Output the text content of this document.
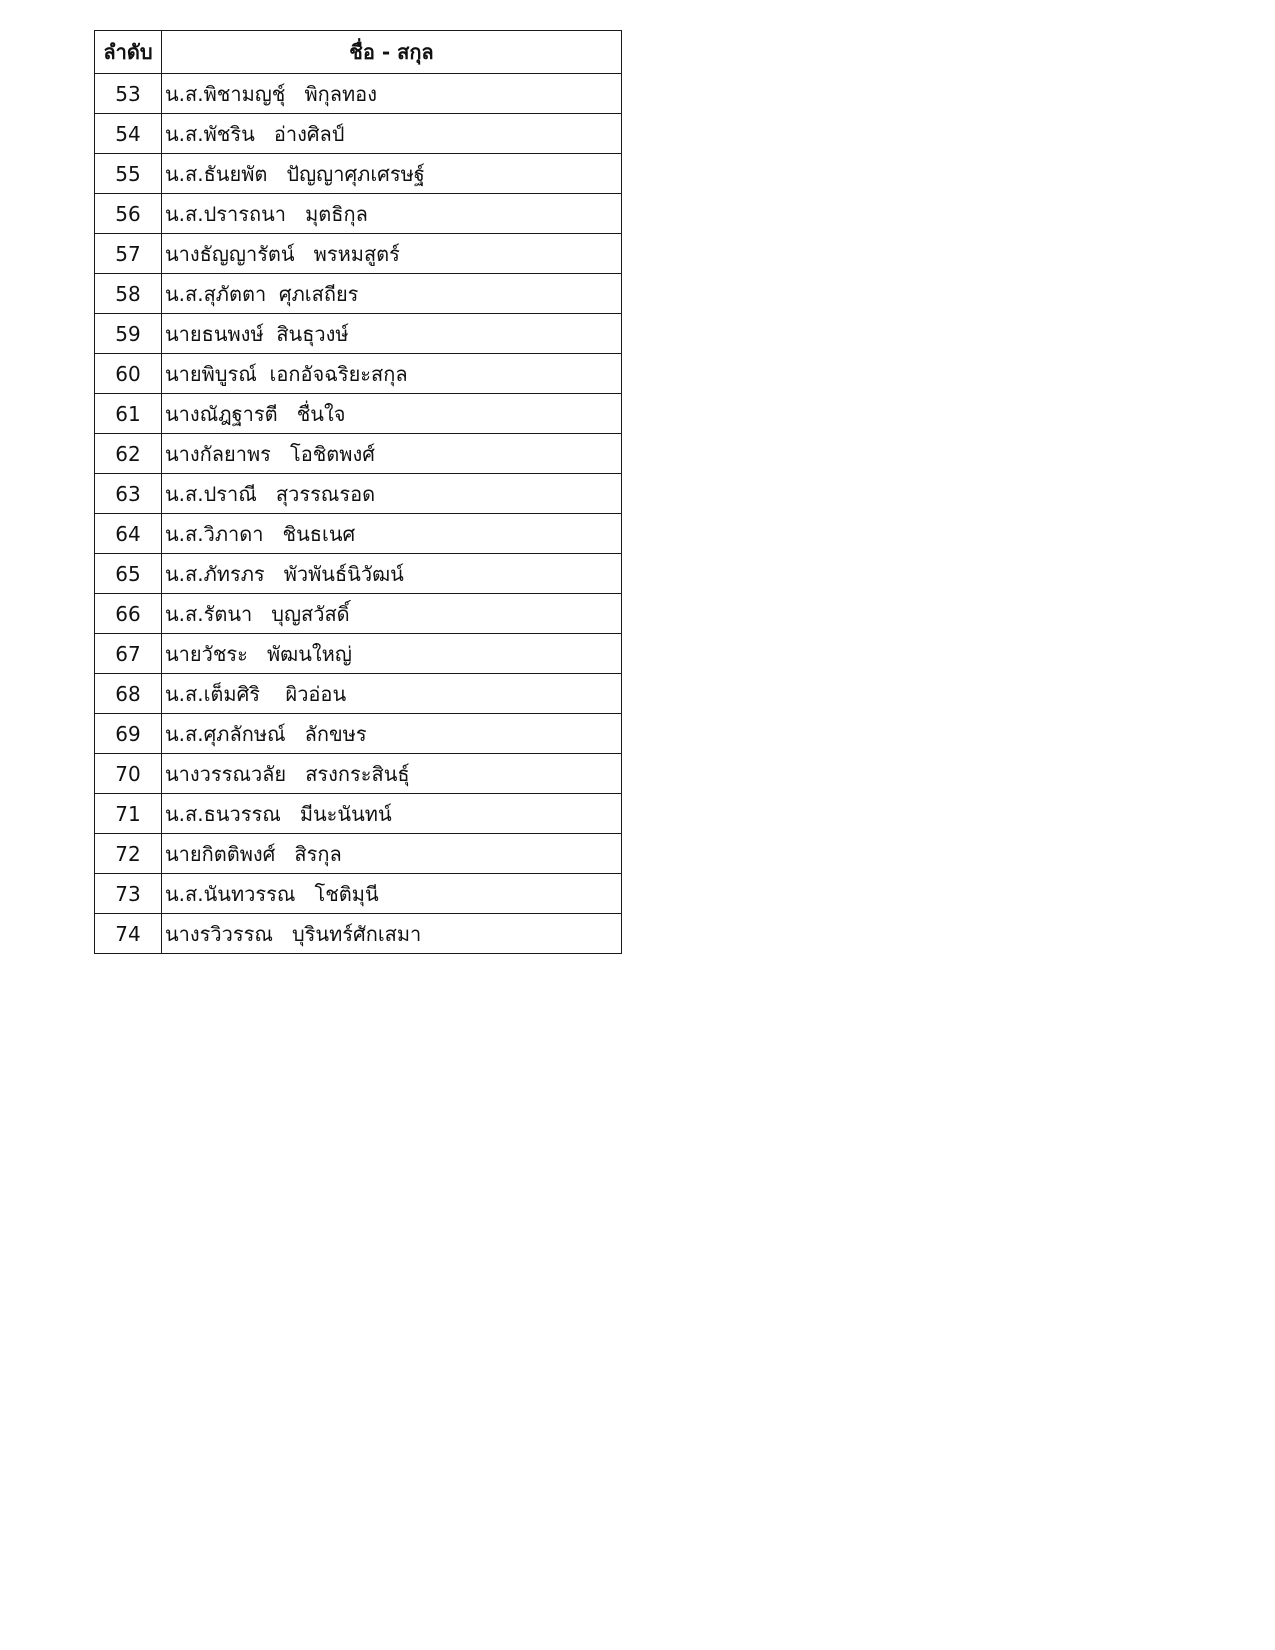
ลำดับ	ชื่อ - สกุล
53	น.ส.พิชามญชุ์   พิกุลทอง
54	น.ส.พัชริน   อ่างศิลป์
55	น.ส.ธันยพัต   ปัญญาศุภเศรษฐ์
56	น.ส.ปรารถนา   มุตธิกุล
57	นางธัญญารัตน์   พรหมสูตร์
58	น.ส.สุภัตตา  ศุภเสถียร
59	นายธนพงษ์  สินธุวงษ์
60	นายพิบูรณ์  เอกอัจฉริยะสกุล
61	นางณัฎฐารตี   ชื่นใจ
62	นางกัลยาพร   โอชิตพงศ์
63	น.ส.ปราณี   สุวรรณรอด
64	น.ส.วิภาดา   ชินธเนศ
65	น.ส.ภัทรภร   พัวพันธ์นิวัฒน์
66	น.ส.รัตนา   บุญสวัสดิ์
67	นายวัชระ   พัฒนใหญ่
68	น.ส.เต็มศิริ    ผิวอ่อน
69	น.ส.ศุภลักษณ์   ลักขษร
70	นางวรรณวลัย   สรงกระสินธุ์
71	น.ส.ธนวรรณ   มีนะนันทน์
72	นายกิตติพงศ์   สิรกุล
73	น.ส.นันทวรรณ   โชติมุนี
74	นางรวิวรรณ   บุรินทร์ศักเสมา
